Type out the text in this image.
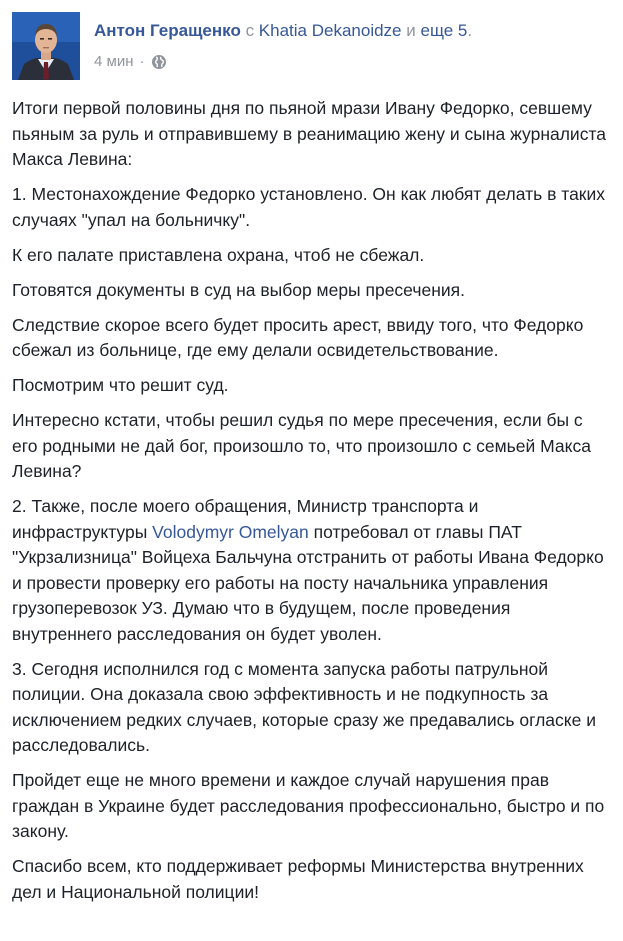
Антон Геращенко с Khatia Dekanoidze и еще 5.
4 мин ·

Итоги первой половины дня по пьяной мрази Ивану Федорко, севшему пьяным за руль и отправившему в реанимацию жену и сына журналиста Макса Левина:

1. Местонахождение Федорко установлено. Он как любят делать в таких случаях "упал на больничку".

К его палате приставлена охрана, чтоб не сбежал.

Готовятся документы в суд на выбор меры пресечения.

Следствие скорое всего будет просить арест, ввиду того, что Федорко сбежал из больнице, где ему делали освидетельствование.

Посмотрим что решит суд.

Интересно кстати, чтобы решил судья по мере пресечения, если бы с его родными не дай бог, произошло то, что произошло с семьей Макса Левина?

2. Также, после моего обращения, Министр транспорта и инфраструктуры Volodymyr Omelyan потребовал от главы ПАТ "Укрзализница" Войцеха Бальчуна отстранить от работы Ивана Федорко и провести проверку его работы на посту начальника управления грузоперевозок УЗ. Думаю что в будущем, после проведения внутреннего расследования он будет уволен.

3. Сегодня исполнился год с момента запуска работы патрульной полиции. Она доказала свою эффективность и не подкупность за исключением редких случаев, которые сразу же предавались огласке и расследовались.

Пройдет еще не много времени и каждое случай нарушения прав граждан в Украине будет расследования профессионально, быстро и по закону.

Спасибо всем, кто поддерживает реформы Министерства внутренних дел и Национальной полиции!
